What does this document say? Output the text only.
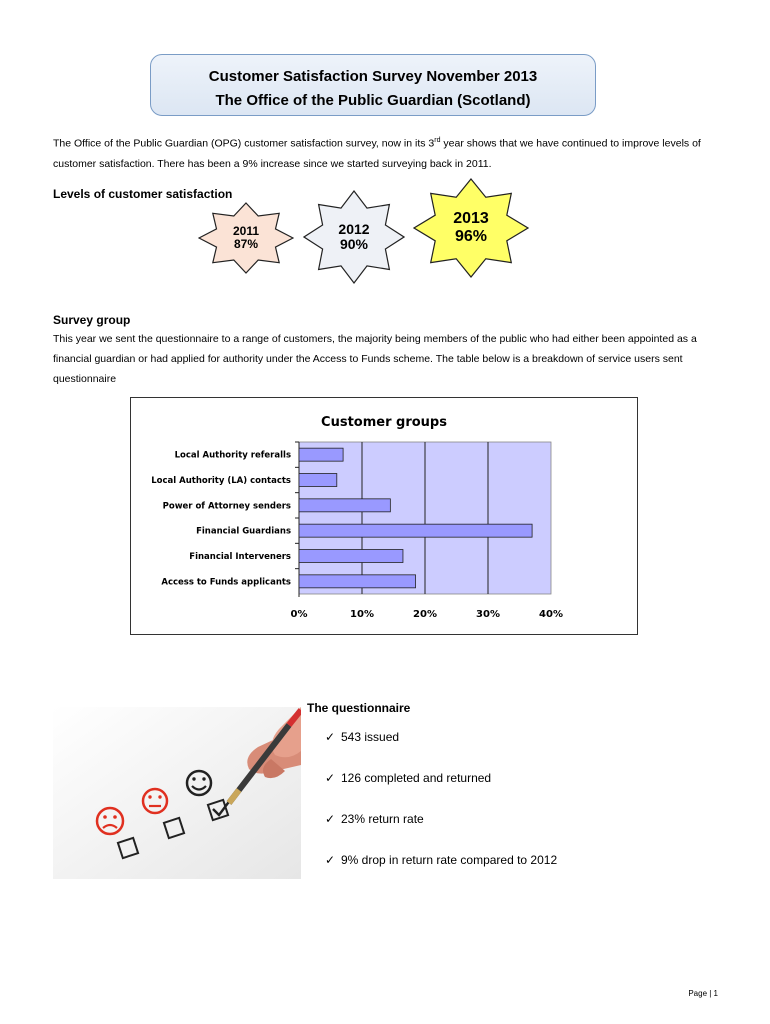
Customer Satisfaction Survey November 2013
The Office of the Public Guardian (Scotland)
The Office of the Public Guardian (OPG) customer satisfaction survey, now in its 3rd year shows that we have continued to improve levels of customer satisfaction. There has been a 9% increase since we started surveying back in 2011.
Levels of customer satisfaction
2011
87%
2012
90%
2013
96%
Survey group
This year we sent the questionnaire to a range of customers, the majority being members of the public who had either been appointed as a financial guardian or had applied for authority under the Access to Funds scheme. The table below is a breakdown of service users sent questionnaire
Customer groups
0%	10%	20%	30%	40%
Local Authority referalls
Local Authority (LA) contacts
Power of Attorney senders
Financial Guardians
Financial Interveners
Access to Funds applicants
The questionnaire
✓ 543 issued
✓ 126 completed and returned
✓ 23% return rate
✓ 9% drop in return rate compared to 2012
Page | 1
